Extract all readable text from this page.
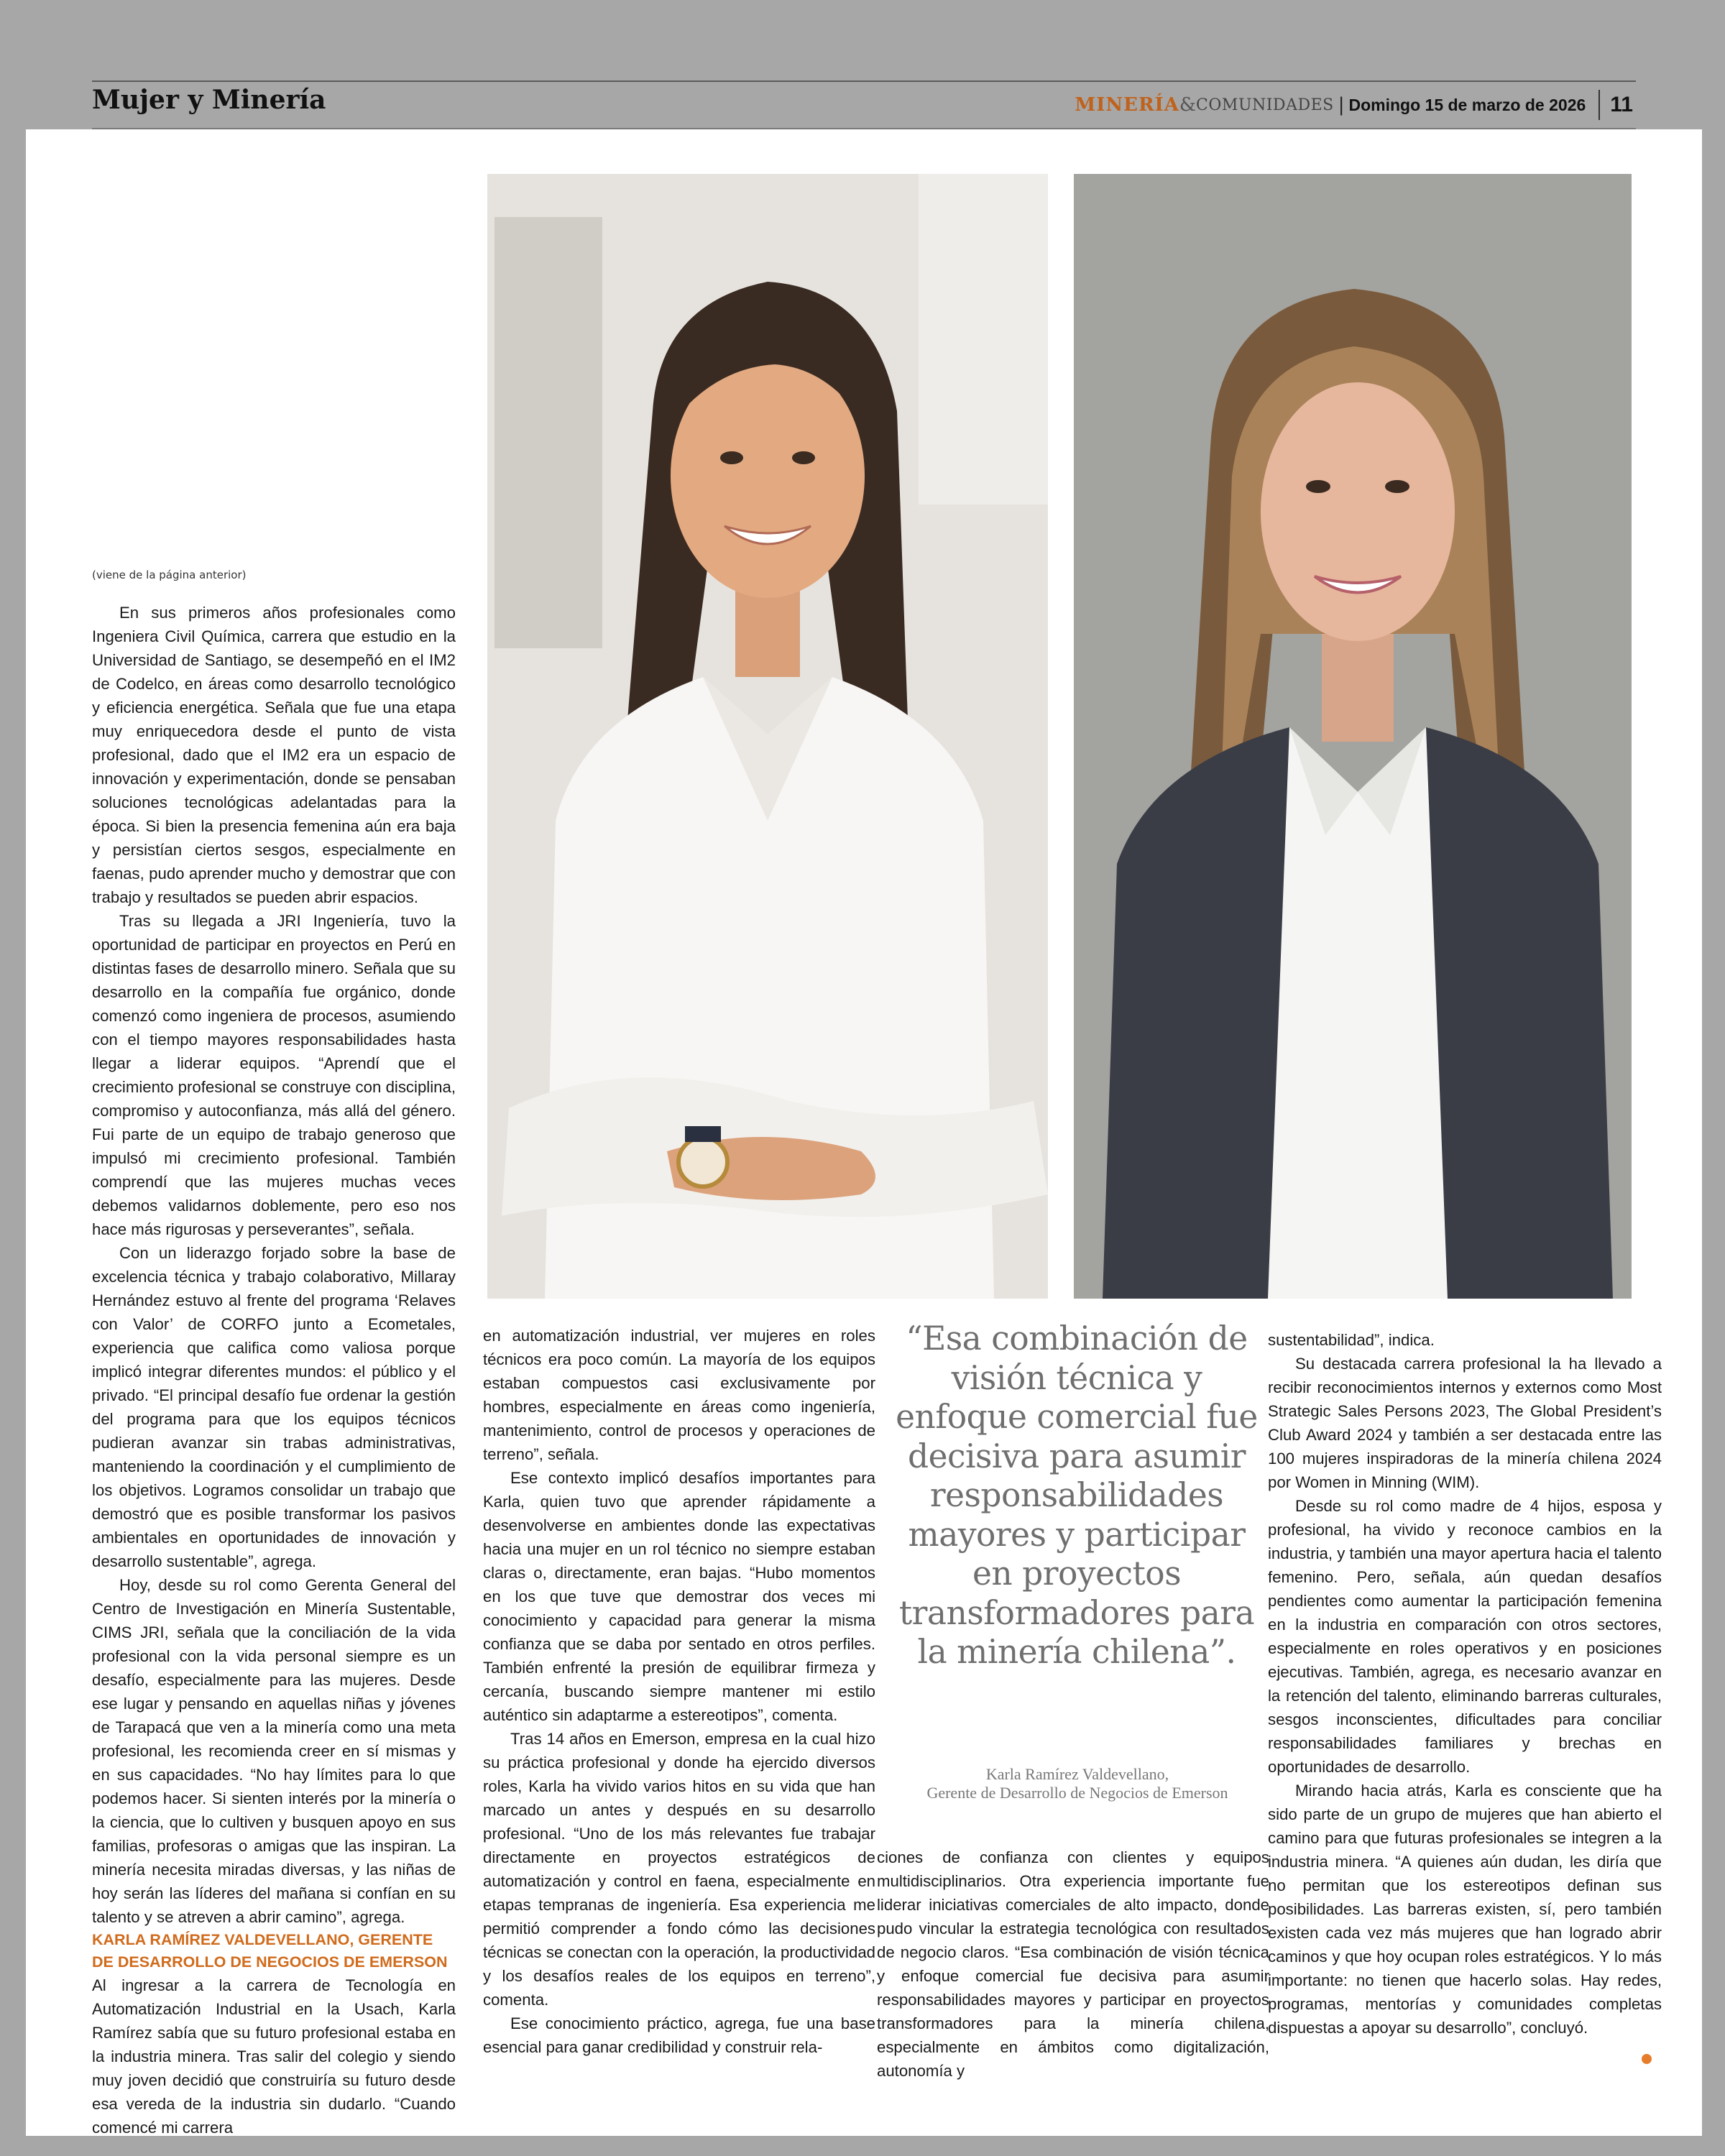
Mujer y Minería	MINERÍA & COMUNIDADES | Domingo 15 de marzo de 2026 11

(viene de la página anterior)

En sus primeros años profesionales como Ingeniera Civil Química, carrera que estudio en la Universidad de Santiago, se desempeñó en el IM2 de Codelco, en áreas como desarrollo tecnológico y eficiencia energética. Señala que fue una etapa muy enriquecedora desde el punto de vista profesional, dado que el IM2 era un espacio de innovación y experimentación, donde se pensaban soluciones tecnológicas adelantadas para la época. Si bien la presencia femenina aún era baja y persistían ciertos sesgos, especialmente en faenas, pudo aprender mucho y demostrar que con trabajo y resultados se pueden abrir espacios.

Tras su llegada a JRI Ingeniería, tuvo la oportunidad de participar en proyectos en Perú en distintas fases de desarrollo minero. Señala que su desarrollo en la compañía fue orgánico, donde comenzó como ingeniera de procesos, asumiendo con el tiempo mayores responsabilidades hasta llegar a liderar equipos. “Aprendí que el crecimiento profesional se construye con disciplina, compromiso y autoconfianza, más allá del género. Fui parte de un equipo de trabajo generoso que impulsó mi crecimiento profesional. También comprendí que las mujeres muchas veces debemos validarnos doblemente, pero eso nos hace más rigurosas y perseverantes”, señala.

Con un liderazgo forjado sobre la base de excelencia técnica y trabajo colaborativo, Millaray Hernández estuvo al frente del programa ‘Relaves con Valor’ de CORFO junto a Ecometales, experiencia que califica como valiosa porque implicó integrar diferentes mundos: el público y el privado. “El principal desafío fue ordenar la gestión del programa para que los equipos técnicos pudieran avanzar sin trabas administrativas, manteniendo la coordinación y el cumplimiento de los objetivos. Logramos consolidar un trabajo que demostró que es posible transformar los pasivos ambientales en oportunidades de innovación y desarrollo sustentable”, agrega.

Hoy, desde su rol como Gerenta General del Centro de Investigación en Minería Sustentable, CIMS JRI, señala que la conciliación de la vida profesional con la vida personal siempre es un desafío, especialmente para las mujeres. Desde ese lugar y pensando en aquellas niñas y jóvenes de Tarapacá que ven a la minería como una meta profesional, les recomienda creer en sí mismas y en sus capacidades. “No hay límites para lo que podemos hacer. Si sienten interés por la minería o la ciencia, que lo cultiven y busquen apoyo en sus familias, profesoras o amigas que las inspiran. La minería necesita miradas diversas, y las niñas de hoy serán las líderes del mañana si confían en su talento y se atreven a abrir camino”, agrega.

KARLA RAMÍREZ VALDEVELLANO, GERENTE DE DESARROLLO DE NEGOCIOS DE EMERSON

Al ingresar a la carrera de Tecnología en Automatización Industrial en la Usach, Karla Ramírez sabía que su futuro profesional estaba en la industria minera. Tras salir del colegio y siendo muy joven decidió que construiría su futuro desde esa vereda de la industria sin dudarlo. “Cuando comencé mi carrera

en automatización industrial, ver mujeres en roles técnicos era poco común. La mayoría de los equipos estaban compuestos casi exclusivamente por hombres, especialmente en áreas como ingeniería, mantenimiento, control de procesos y operaciones de terreno”, señala.

Ese contexto implicó desafíos importantes para Karla, quien tuvo que aprender rápidamente a desenvolverse en ambientes donde las expectativas hacia una mujer en un rol técnico no siempre estaban claras o, directamente, eran bajas. “Hubo momentos en los que tuve que demostrar dos veces mi conocimiento y capacidad para generar la misma confianza que se daba por sentado en otros perfiles. También enfrenté la presión de equilibrar firmeza y cercanía, buscando siempre mantener mi estilo auténtico sin adaptarme a estereotipos”, comenta.

Tras 14 años en Emerson, empresa en la cual hizo su práctica profesional y donde ha ejercido diversos roles, Karla ha vivido varios hitos en su vida que han marcado un antes y después en su desarrollo profesional. “Uno de los más relevantes fue trabajar directamente en proyectos estratégicos de automatización y control en faena, especialmente en etapas tempranas de ingeniería. Esa experiencia me permitió comprender a fondo cómo las decisiones técnicas se conectan con la operación, la productividad y los desafíos reales de los equipos en terreno”, comenta.

Ese conocimiento práctico, agrega, fue una base esencial para ganar credibilidad y construir rela-

“Esa combinación de visión técnica y enfoque comercial fue decisiva para asumir responsabilidades mayores y participar en proyectos transformadores para la minería chilena”.
Karla Ramírez Valdevellano,
Gerente de Desarrollo de Negocios de Emerson

ciones de confianza con clientes y equipos multidisciplinarios. Otra experiencia importante fue liderar iniciativas comerciales de alto impacto, donde pudo vincular la estrategia tecnológica con resultados de negocio claros. “Esa combinación de visión técnica y enfoque comercial fue decisiva para asumir responsabilidades mayores y participar en proyectos transformadores para la minería chilena, especialmente en ámbitos como digitalización, autonomía y

sustentabilidad”, indica.

Su destacada carrera profesional la ha llevado a recibir reconocimientos internos y externos como Most Strategic Sales Persons 2023, The Global President’s Club Award 2024 y también a ser destacada entre las 100 mujeres inspiradoras de la minería chilena 2024 por Women in Minning (WIM).

Desde su rol como madre de 4 hijos, esposa y profesional, ha vivido y reconoce cambios en la industria, y también una mayor apertura hacia el talento femenino. Pero, señala, aún quedan desafíos pendientes como aumentar la participación femenina en la industria en comparación con otros sectores, especialmente en roles operativos y en posiciones ejecutivas. También, agrega, es necesario avanzar en la retención del talento, eliminando barreras culturales, sesgos inconscientes, dificultades para conciliar responsabilidades familiares y brechas en oportunidades de desarrollo.

Mirando hacia atrás, Karla es consciente que ha sido parte de un grupo de mujeres que han abierto el camino para que futuras profesionales se integren a la industria minera. “A quienes aún dudan, les diría que no permitan que los estereotipos definan sus posibilidades. Las barreras existen, sí, pero también existen cada vez más mujeres que han logrado abrir caminos y que hoy ocupan roles estratégicos. Y lo más importante: no tienen que hacerlo solas. Hay redes, programas, mentorías y comunidades completas dispuestas a apoyar su desarrollo”, concluyó.
